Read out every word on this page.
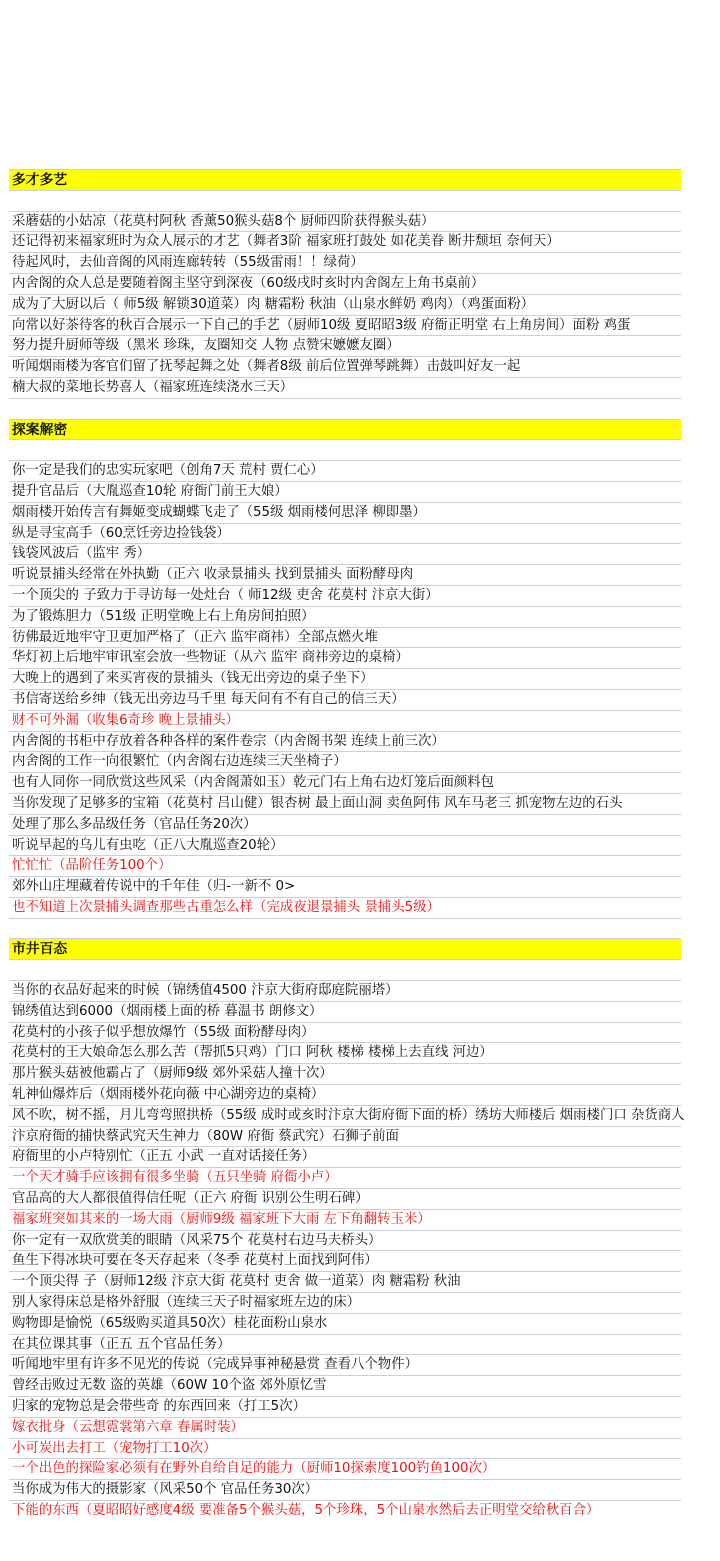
多才多艺
采蘑菇的小姑凉（花莫村阿秋 香薰50猴头菇8个 厨师四阶获得猴头菇）
还记得初来福家班时为众人展示的才艺（舞者3阶 福家班打鼓处 如花美眷 断井颓垣 奈何天）
待起风时，去仙音阁的风雨连廊转转（55级雷雨！！绿荷）
内舍阁的众人总是要随着阁主坚守到深夜（60级戌时亥时内舍阁左上角书桌前）
成为了大厨以后（ 师5级 解锁30道菜）肉 糖霜粉 秋油（山泉水鲜奶 鸡肉）（鸡蛋面粉）
向常以好茶待客的秋百合展示一下自己的手艺（厨师10级 夏昭昭3级 府衙正明堂 右上角房间）面粉 鸡蛋
努力提升厨师等级（黑米 珍珠，友圈知交 人物 点赞宋嬷嬷友圈）
听闻烟雨楼为客官们留了抚琴起舞之处（舞者8级 前后位置弹琴跳舞）击鼓叫好友一起
楠大叔的菜地长势喜人（福家班连续浇水三天）
探案解密
你一定是我们的忠实玩家吧（创角7天 荒村 贾仁心）
提升官品后（大胤巡查10轮 府衙门前王大娘）
烟雨楼开始传言有舞姬变成蝴蝶飞走了（55级 烟雨楼何思泽 柳即墨）
纵是寻宝高手（60烹饪旁边捡钱袋）
钱袋风波后（监牢 秀）
听说景捕头经常在外执勤（正六 收录景捕头 找到景捕头 面粉酵母肉
一个顶尖的 子致力于寻访每一处灶台（ 师12级 吏舍 花莫村 汴京大街）
为了锻炼胆力（51级 正明堂晚上右上角房间拍照）
彷佛最近地牢守卫更加严格了（正六 监牢商祎）全部点燃火堆
华灯初上后地牢审讯室会放一些物证（从六 监牢 商祎旁边的桌椅）
大晚上的遇到了来买宵夜的景捕头（钱无出旁边的桌子坐下）
书信寄送给乡绅（钱无出旁边马千里 每天问有不有自己的信三天）
财不可外漏（收集6奇珍 晚上景捕头）
内舍阁的书柜中存放着各种各样的案件卷宗（内舍阁书架 连续上前三次）
内舍阁的工作一向很繁忙（内舍阁右边连续三天坐椅子）
也有人同你一同欣赏这些风采（内舍阁萧如玉）乾元门右上角右边灯笼后面颜料包
当你发现了足够多的宝箱（花莫村 吕山健）银杏树 最上面山洞 卖鱼阿伟 风车马老三 抓宠物左边的石头
处理了那么多品级任务（官品任务20次）
听说早起的乌儿有虫吃（正八大胤巡查20轮）
忙忙忙（品阶任务100个）
郊外山庄埋藏着传说中的千年佳（归-一新不 0>
也不知道上次景捕头调查那些古重怎么样（完成夜退景捕头 景捕头5级）
市井百态
当你的衣品好起来的时候（锦绣值4500 汴京大街府邸庭院丽塔）
锦绣值达到6000（烟雨楼上面的桥 暮温书 朗修文）
花莫村的小孩子似乎想放爆竹（55级 面粉酵母肉）
花莫村的王大娘命怎么那么苦（帮抓5只鸡）门口 阿秋 楼梯 楼梯上去直线 河边）
那片猴头菇被他霸占了（厨师9级 郊外采菇人撞十次）
轧神仙爆炸后（烟雨楼外花向薇 中心湖旁边的桌椅）
风不吹，树不摇，月儿弯弯照拱桥（55级 成时或亥时汴京大街府衙下面的桥）绣坊大师楼后 烟雨楼门口 杂货商人
汴京府衙的捕快蔡武究天生神力（80W 府衙 蔡武究）石狮子前面
府衙里的小卢特别忙（正五 小武 一直对话接任务）
一个天才骑手应该拥有很多坐骑（五只坐骑 府衙小卢）
官品高的大人都很值得信任呢（正六 府衙 识别公生明石碑）
福家班突如其来的一场大雨（厨师9级 福家班下大雨 左下角翻转玉米）
你一定有一双欣赏美的眼睛（风采75个 花莫村右边马夫桥头）
鱼生下得冰块可要在冬天存起来（冬季 花莫村上面找到阿伟）
一个顶尖得 子（厨师12级 汴京大街 花莫村 吏舍 做一道菜）肉 糖霜粉 秋油
别人家得床总是格外舒服（连续三天子时福家班左边的床）
购物即是愉悦（65级购买道具50次）桂花面粉山泉水
在其位课其事（正五 五个官品任务）
听闻地牢里有许多不见光的传说（完成异事神秘悬赏 查看八个物件）
曾经击败过无数 盗的英雄（60W 10个盗 郊外原忆雪
归家的宠物总是会带些奇 的东西回来（打工5次）
嫁衣批身（云想霓裳第六章 春属时装）
小可炭出去打工（宠物打工10次）
一个出色的探险家必须有在野外自给自足的能力（厨师10探索度100钓鱼100次）
当你成为伟大的摄影家（风采50个 官品任务30次）
下能的东西（夏昭昭好感度4级 要准备5个猴头菇，5个珍珠，5个山泉水然后去正明堂交给秋百合）
